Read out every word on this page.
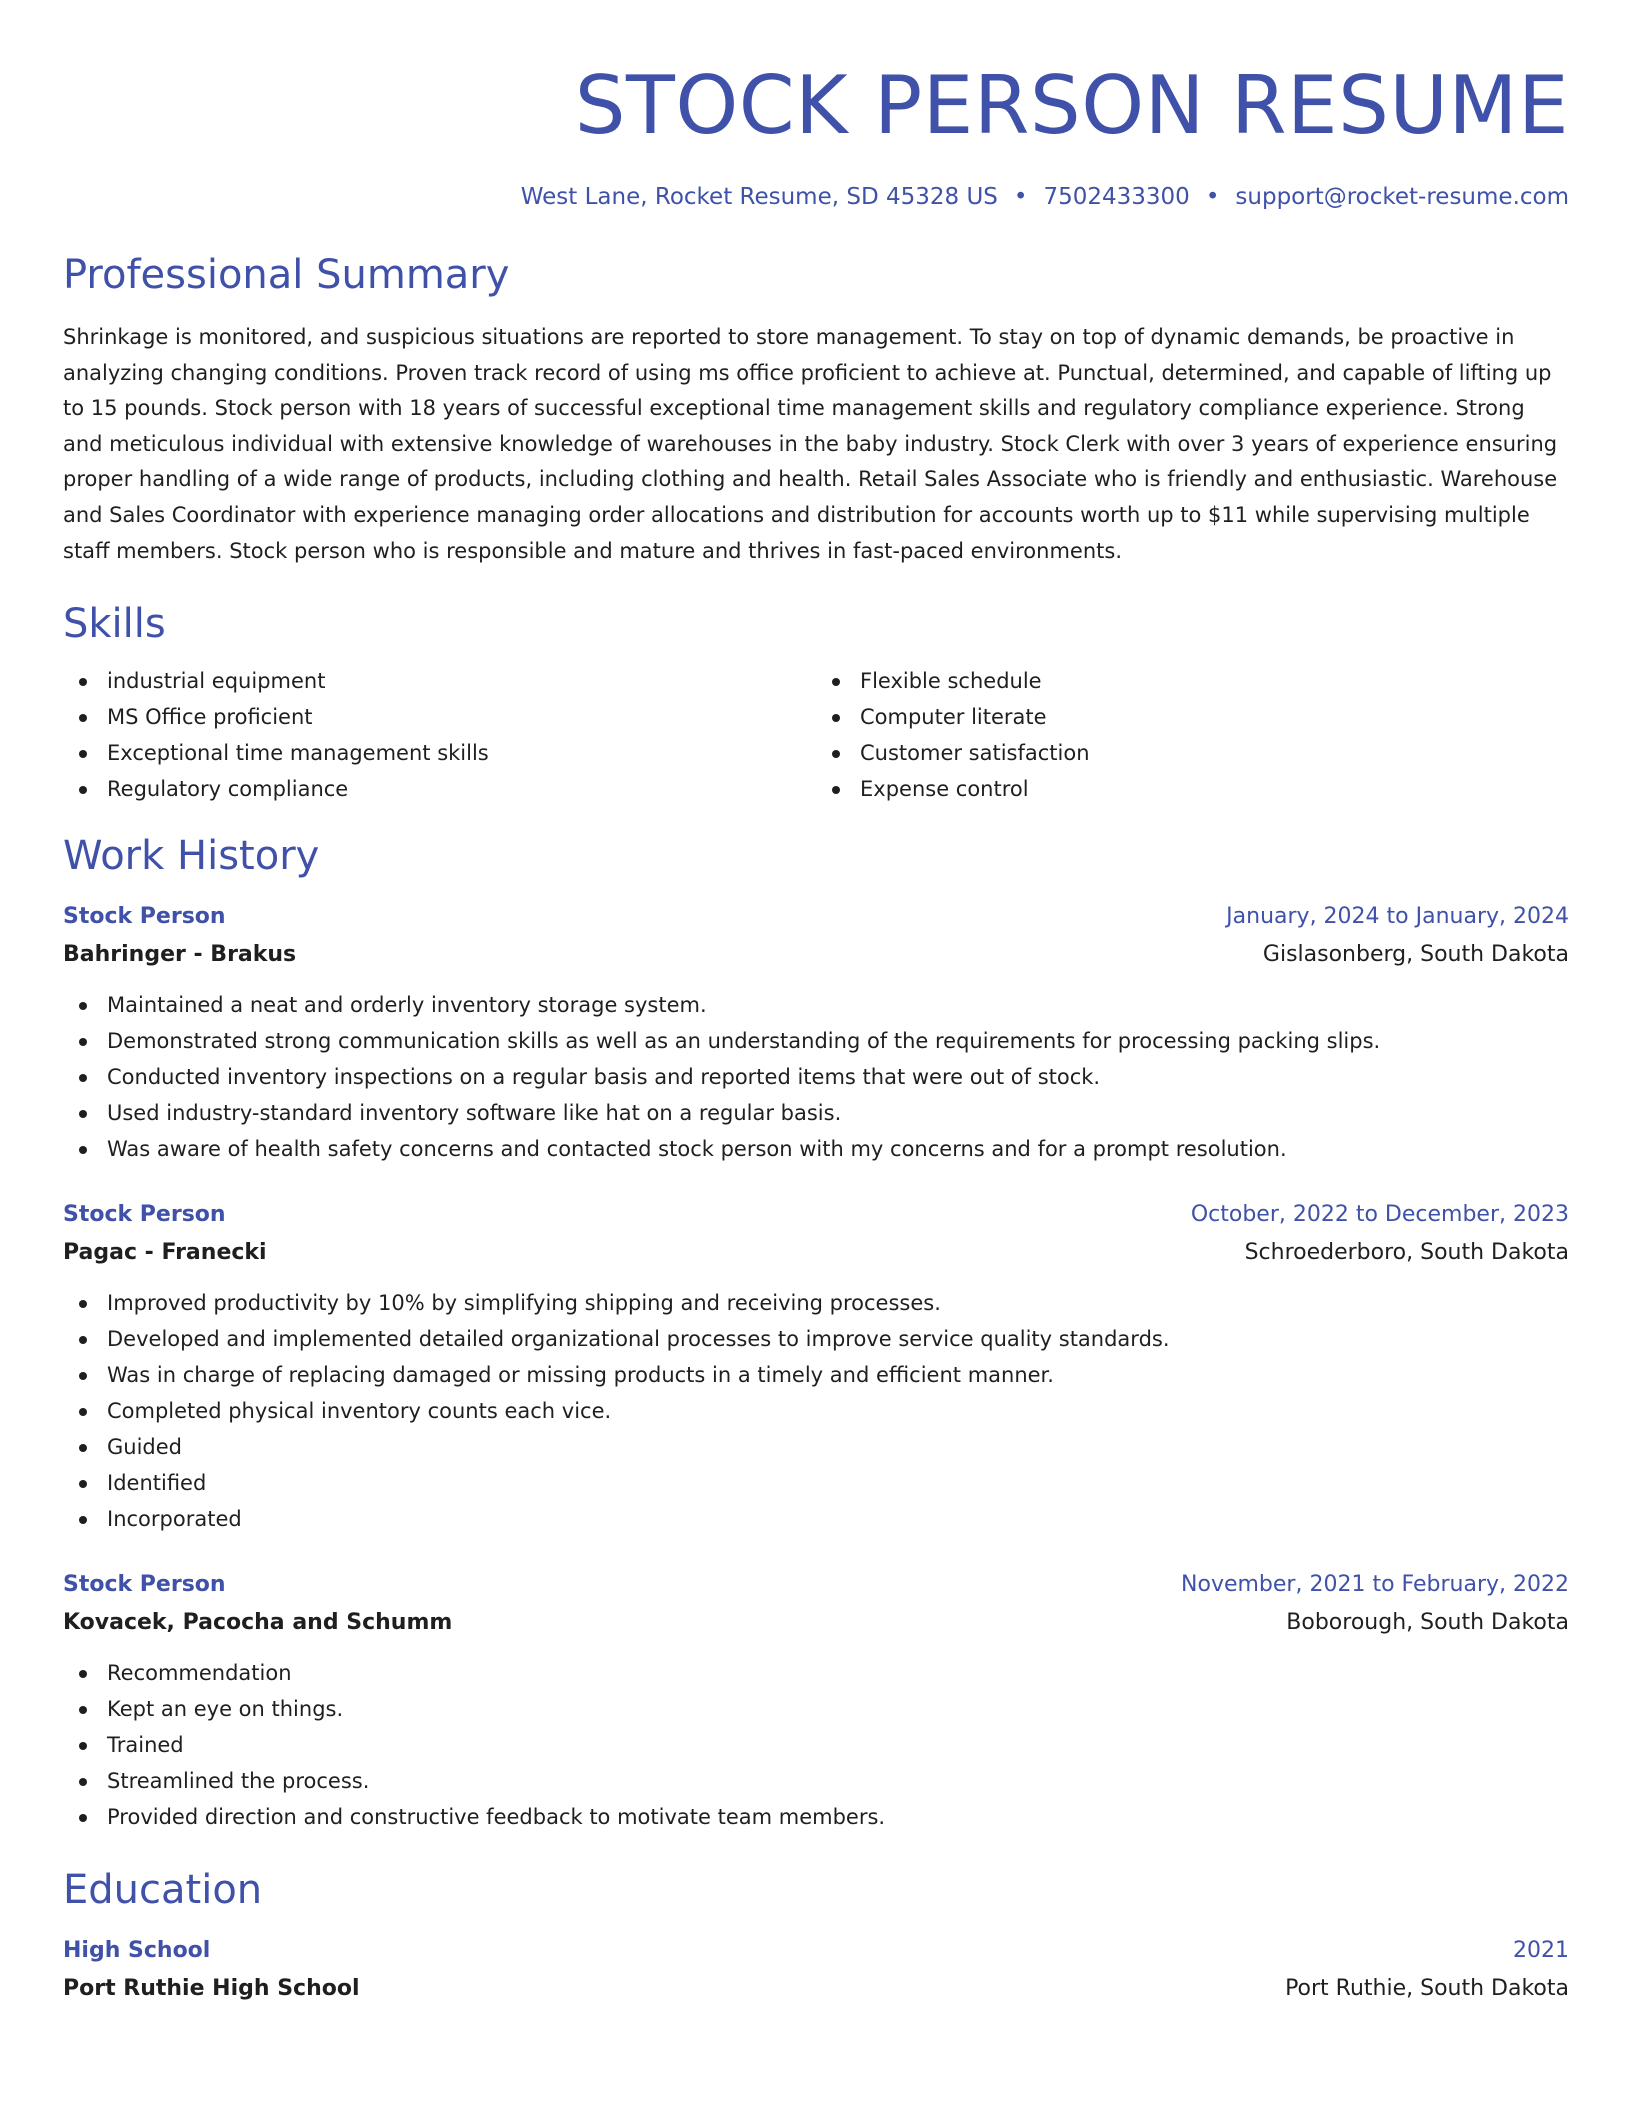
STOCK PERSON RESUME
West Lane, Rocket Resume, SD 45328 US • 7502433300 • support@rocket-resume.com
Professional Summary

Shrinkage is monitored, and suspicious situations are reported to store management. To stay on top of dynamic demands, be proactive in analyzing changing conditions. Proven track record of using ms office proficient to achieve at. Punctual, determined, and capable of lifting up to 15 pounds. Stock person with 18 years of successful exceptional time management skills and regulatory compliance experience. Strong and meticulous individual with extensive knowledge of warehouses in the baby industry. Stock Clerk with over 3 years of experience ensuring proper handling of a wide range of products, including clothing and health. Retail Sales Associate who is friendly and enthusiastic. Warehouse and Sales Coordinator with experience managing order allocations and distribution for accounts worth up to $11 while supervising multiple staff members. Stock person who is responsible and mature and thrives in fast-paced environments.

Skills
industrial equipment
MS Office proficient
Exceptional time management skills
Regulatory compliance
Flexible schedule
Computer literate
Customer satisfaction
Expense control
Work History
Stock Person	January, 2024 to January, 2024
Bahringer - Brakus	Gislasonberg, South Dakota
Maintained a neat and orderly inventory storage system.
Demonstrated strong communication skills as well as an understanding of the requirements for processing packing slips.
Conducted inventory inspections on a regular basis and reported items that were out of stock.
Used industry-standard inventory software like hat on a regular basis.
Was aware of health safety concerns and contacted stock person with my concerns and for a prompt resolution.
Stock Person	October, 2022 to December, 2023
Pagac - Franecki	Schroederboro, South Dakota
Improved productivity by 10% by simplifying shipping and receiving processes.
Developed and implemented detailed organizational processes to improve service quality standards.
Was in charge of replacing damaged or missing products in a timely and efficient manner.
Completed physical inventory counts each vice.
Guided
Identified
Incorporated
Stock Person	November, 2021 to February, 2022
Kovacek, Pacocha and Schumm	Boborough, South Dakota
Recommendation
Kept an eye on things.
Trained
Streamlined the process.
Provided direction and constructive feedback to motivate team members.
Education
High School	2021
Port Ruthie High School	Port Ruthie, South Dakota
